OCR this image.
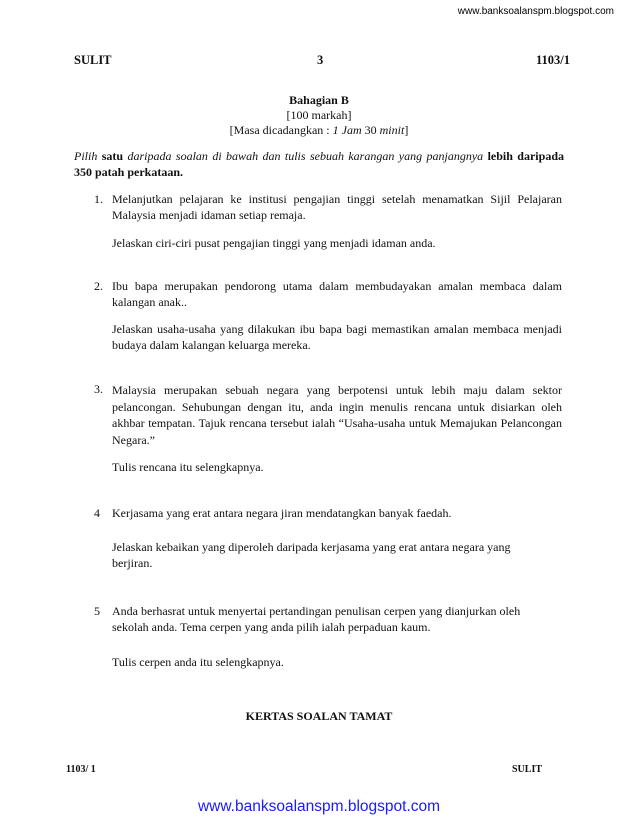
www.banksoalanspm.blogspot.com
SULIT	3	1103/1
Bahagian B
[100 markah]
[Masa dicadangkan : 1 Jam 30 minit]
Pilih satu daripada soalan di bawah dan tulis sebuah karangan yang panjangnya lebih daripada 350 patah perkataan.
1. Melanjutkan pelajaran ke institusi pengajian tinggi setelah menamatkan Sijil Pelajaran Malaysia menjadi idaman setiap remaja.
Jelaskan ciri-ciri pusat pengajian tinggi yang menjadi idaman anda.
2. Ibu bapa merupakan pendorong utama dalam membudayakan amalan membaca dalam kalangan anak..
Jelaskan usaha-usaha yang dilakukan ibu bapa bagi memastikan amalan membaca menjadi budaya dalam kalangan keluarga mereka.
3. Malaysia merupakan sebuah negara yang berpotensi untuk lebih maju dalam sektor pelancongan. Sehubungan dengan itu, anda ingin menulis rencana untuk disiarkan oleh akhbar tempatan. Tajuk rencana tersebut ialah “Usaha-usaha untuk Memajukan Pelancongan Negara.”
Tulis rencana itu selengkapnya.
4 Kerjasama yang erat antara negara jiran mendatangkan banyak faedah.
Jelaskan kebaikan yang diperoleh daripada kerjasama yang erat antara negara yang berjiran.
5 Anda berhasrat untuk menyertai pertandingan penulisan cerpen yang dianjurkan oleh sekolah anda. Tema cerpen yang anda pilih ialah perpaduan kaum.
Tulis cerpen anda itu selengkapnya.
KERTAS SOALAN TAMAT
1103/ 1	SULIT
www.banksoalanspm.blogspot.com
